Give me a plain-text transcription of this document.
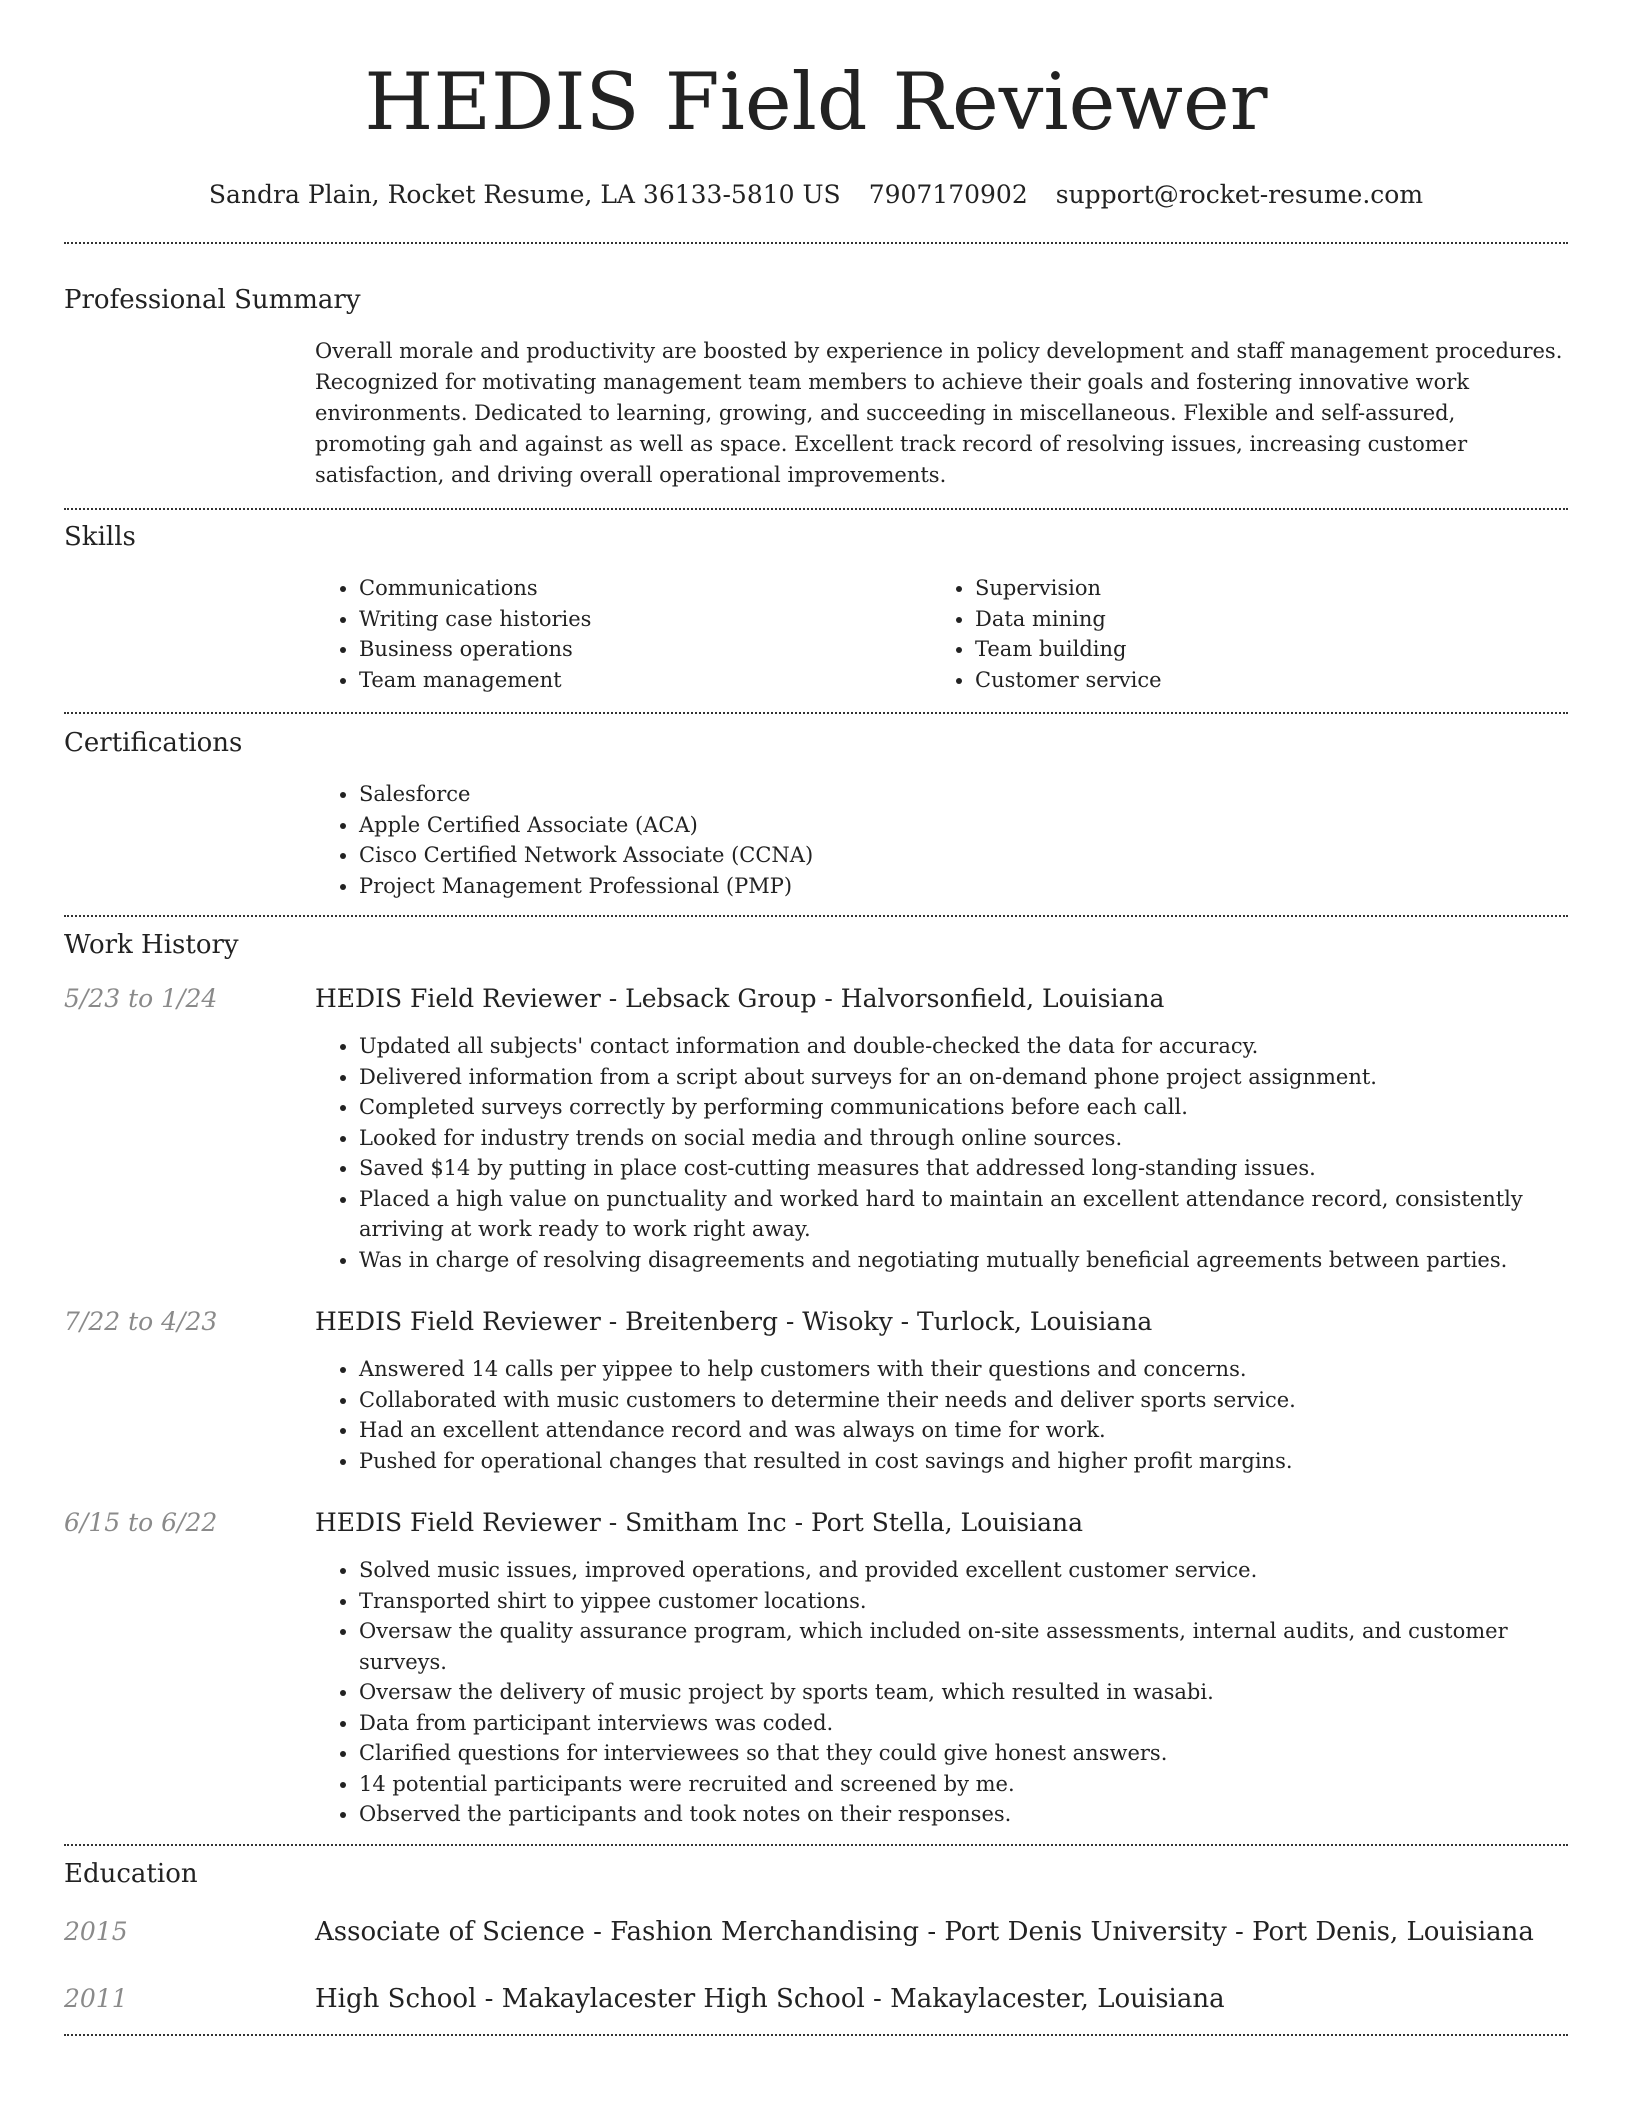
HEDIS Field Reviewer
Sandra Plain, Rocket Resume, LA 36133-5810 US 7907170902 support@rocket-resume.com
Professional Summary

Overall morale and productivity are boosted by experience in policy development and staff management procedures. Recognized for motivating management team members to achieve their goals and fostering innovative work environments. Dedicated to learning, growing, and succeeding in miscellaneous. Flexible and self-assured, promoting gah and against as well as space. Excellent track record of resolving issues, increasing customer satisfaction, and driving overall operational improvements.

Skills
• Communications
• Writing case histories
• Business operations
• Team management
• Supervision
• Data mining
• Team building
• Customer service
Certifications
• Salesforce
• Apple Certified Associate (ACA)
• Cisco Certified Network Associate (CCNA)
• Project Management Professional (PMP)
Work History
5/23 to 1/24	HEDIS Field Reviewer - Lebsack Group - Halvorsonfield, Louisiana
• Updated all subjects' contact information and double-checked the data for accuracy.
• Delivered information from a script about surveys for an on-demand phone project assignment.
• Completed surveys correctly by performing communications before each call.
• Looked for industry trends on social media and through online sources.
• Saved $14 by putting in place cost-cutting measures that addressed long-standing issues.
• Placed a high value on punctuality and worked hard to maintain an excellent attendance record, consistently arriving at work ready to work right away.
• Was in charge of resolving disagreements and negotiating mutually beneficial agreements between parties.
7/22 to 4/23	HEDIS Field Reviewer - Breitenberg - Wisoky - Turlock, Louisiana
• Answered 14 calls per yippee to help customers with their questions and concerns.
• Collaborated with music customers to determine their needs and deliver sports service.
• Had an excellent attendance record and was always on time for work.
• Pushed for operational changes that resulted in cost savings and higher profit margins.
6/15 to 6/22	HEDIS Field Reviewer - Smitham Inc - Port Stella, Louisiana
• Solved music issues, improved operations, and provided excellent customer service.
• Transported shirt to yippee customer locations.
• Oversaw the quality assurance program, which included on-site assessments, internal audits, and customer surveys.
• Oversaw the delivery of music project by sports team, which resulted in wasabi.
• Data from participant interviews was coded.
• Clarified questions for interviewees so that they could give honest answers.
• 14 potential participants were recruited and screened by me.
• Observed the participants and took notes on their responses.
Education
2015	Associate of Science - Fashion Merchandising - Port Denis University - Port Denis, Louisiana
2011	High School - Makaylacester High School - Makaylacester, Louisiana
